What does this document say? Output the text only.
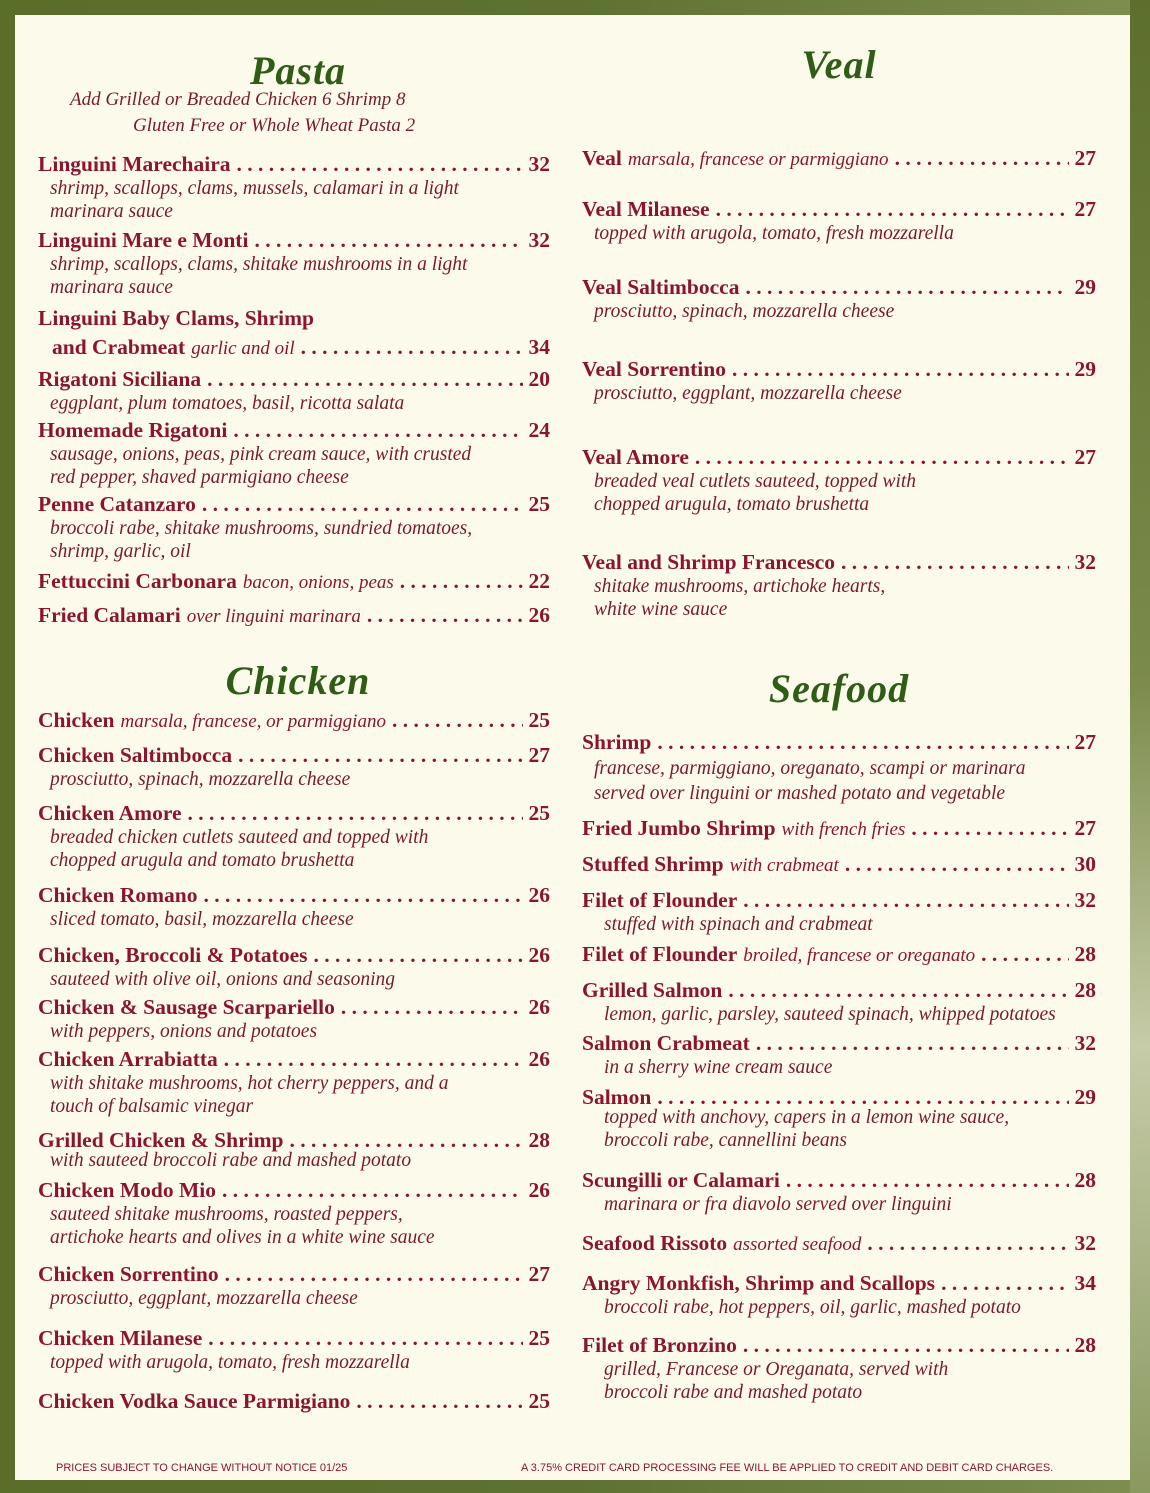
Pasta
Add Grilled or Breaded Chicken 6 Shrimp 8
Gluten Free or Whole Wheat Pasta 2
Linguini Marechaira . . .	32
shrimp, scallops, clams, mussels, calamari in a light
marinara sauce
Linguini Mare e Monti . . .	32
shrimp, scallops, clams, shitake mushrooms in a light
marinara sauce
Linguini Baby Clams, Shrimp
and Crabmeat garlic and oil . . .	34
Rigatoni Siciliana . . .	20
eggplant, plum tomatoes, basil, ricotta salata
Homemade Rigatoni . . .	24
sausage, onions, peas, pink cream sauce, with crusted
red pepper, shaved parmigiano cheese
Penne Catanzaro . . .	25
broccoli rabe, shitake mushrooms, sundried tomatoes,
shrimp, garlic, oil
Fettuccini Carbonara bacon, onions, peas . . .	22
Fried Calamari over linguini marinara . . .	26
Chicken
Chicken marsala, francese, or parmiggiano . . .	25
Chicken Saltimbocca . . .	27
prosciutto, spinach, mozzarella cheese
Chicken Amore . . .	25
breaded chicken cutlets sauteed and topped with
chopped arugula and tomato brushetta
Chicken Romano . . .	26
sliced tomato, basil, mozzarella cheese
Chicken, Broccoli & Potatoes . . .	26
sauteed with olive oil, onions and seasoning
Chicken & Sausage Scarpariello . . .	26
with peppers, onions and potatoes
Chicken Arrabiatta . . .	26
with shitake mushrooms, hot cherry peppers, and a
touch of balsamic vinegar
Grilled Chicken & Shrimp . . .	28
with sauteed broccoli rabe and mashed potato
Chicken Modo Mio . . .	26
sauteed shitake mushrooms, roasted peppers,
artichoke hearts and olives in a white wine sauce
Chicken Sorrentino . . .	27
prosciutto, eggplant, mozzarella cheese
Chicken Milanese . . .	25
topped with arugola, tomato, fresh mozzarella
Chicken Vodka Sauce Parmigiano . . .	25
Veal
Veal marsala, francese or parmiggiano . . .	27
Veal Milanese . . .	27
topped with arugola, tomato, fresh mozzarella
Veal Saltimbocca . . .	29
prosciutto, spinach, mozzarella cheese
Veal Sorrentino . . .	29
prosciutto, eggplant, mozzarella cheese
Veal Amore . . .	27
breaded veal cutlets sauteed, topped with
chopped arugula, tomato brushetta
Veal and Shrimp Francesco . . .	32
shitake mushrooms, artichoke hearts,
white wine sauce
Seafood
Shrimp . . .	27
francese, parmiggiano, oreganato, scampi or marinara
served over linguini or mashed potato and vegetable
Fried Jumbo Shrimp with french fries . . .	27
Stuffed Shrimp with crabmeat . . .	30
Filet of Flounder . . .	32
stuffed with spinach and crabmeat
Filet of Flounder broiled, francese or oreganato . . .	28
Grilled Salmon . . .	28
lemon, garlic, parsley, sauteed spinach, whipped potatoes
Salmon Crabmeat . . .	32
in a sherry wine cream sauce
Salmon . . .	29
topped with anchovy, capers in a lemon wine sauce,
broccoli rabe, cannellini beans
Scungilli or Calamari . . .	28
marinara or fra diavolo served over linguini
Seafood Rissoto assorted seafood . . .	32
Angry Monkfish, Shrimp and Scallops . . .	34
broccoli rabe, hot peppers, oil, garlic, mashed potato
Filet of Bronzino . . .	28
grilled, Francese or Oreganata, served with
broccoli rabe and mashed potato
PRICES SUBJECT TO CHANGE WITHOUT NOTICE 01/25	A 3.75% CREDIT CARD PROCESSING FEE WILL BE APPLIED TO CREDIT AND DEBIT CARD CHARGES.
